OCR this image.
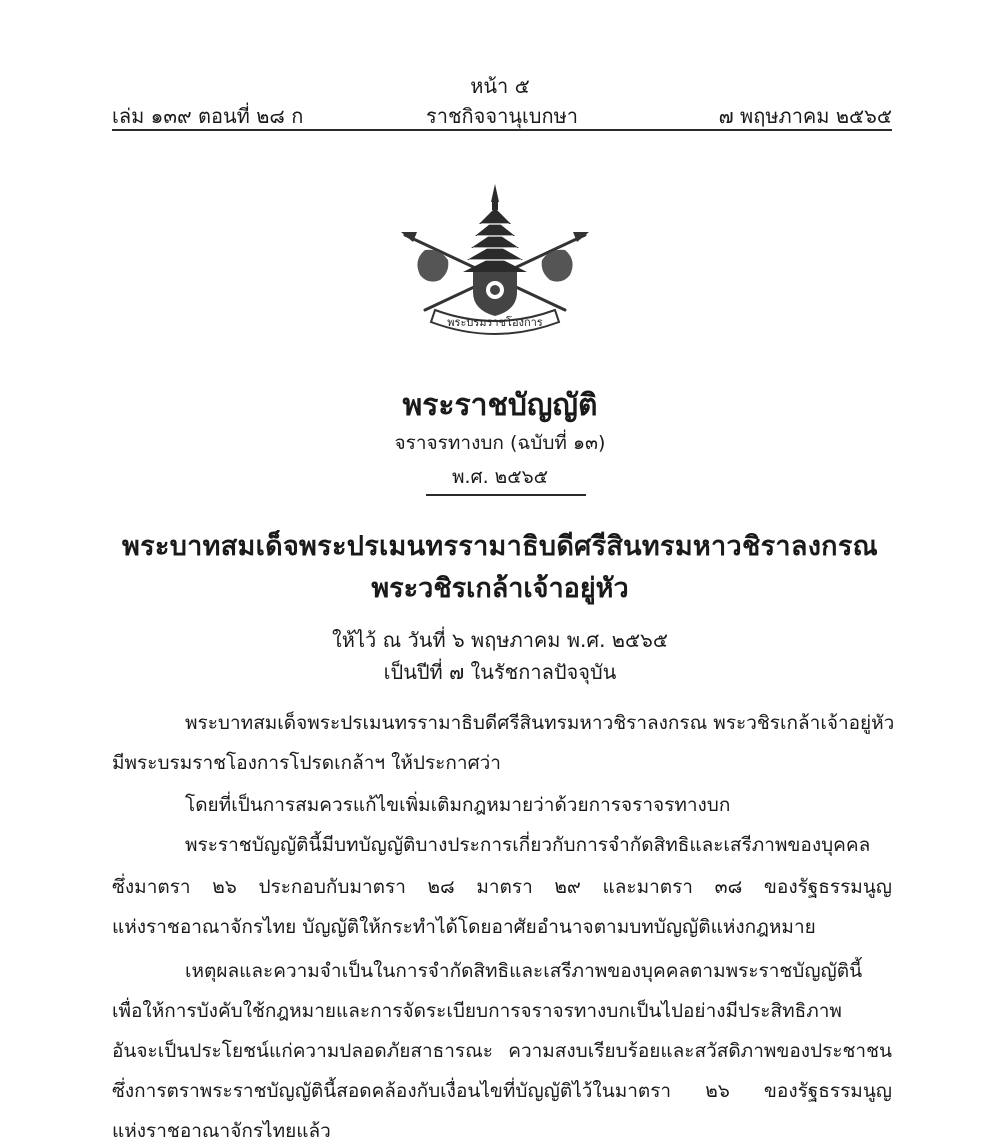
หน้า ๕
เล่ม ๑๓๙ ตอนที่ ๒๘ ก	ราชกิจจานุเบกษา	๗ พฤษภาคม ๒๕๖๕
พระบรมราชโองการ
พระราชบัญญัติ
จราจรทางบก (ฉบับที่ ๑๓)
พ.ศ. ๒๕๖๕
พระบาทสมเด็จพระปรเมนทรรามาธิบดีศรีสินทรมหาวชิราลงกรณ
พระวชิรเกล้าเจ้าอยู่หัว
ให้ไว้ ณ วันที่ ๖ พฤษภาคม พ.ศ. ๒๕๖๕
เป็นปีที่ ๗ ในรัชกาลปัจจุบัน
พระบาทสมเด็จพระปรเมนทรรามาธิบดีศรีสินทรมหาวชิราลงกรณ พระวชิรเกล้าเจ้าอยู่หัว
มีพระบรมราชโองการโปรดเกล้าฯ ให้ประกาศว่า
โดยที่เป็นการสมควรแก้ไขเพิ่มเติมกฎหมายว่าด้วยการจราจรทางบก
พระราชบัญญัตินี้มีบทบัญญัติบางประการเกี่ยวกับการจำกัดสิทธิและเสรีภาพของบุคคล
ซึ่งมาตรา ๒๖ ประกอบกับมาตรา ๒๘ มาตรา ๒๙ และมาตรา ๓๘ ของรัฐธรรมนูญ
แห่งราชอาณาจักรไทย บัญญัติให้กระทำได้โดยอาศัยอำนาจตามบทบัญญัติแห่งกฎหมาย
เหตุผลและความจำเป็นในการจำกัดสิทธิและเสรีภาพของบุคคลตามพระราชบัญญัตินี้
เพื่อให้การบังคับใช้กฎหมายและการจัดระเบียบการจราจรทางบกเป็นไปอย่างมีประสิทธิภาพ
อันจะเป็นประโยชน์แก่ความปลอดภัยสาธารณะ ความสงบเรียบร้อยและสวัสดิภาพของประชาชน
ซึ่งการตราพระราชบัญญัตินี้สอดคล้องกับเงื่อนไขที่บัญญัติไว้ในมาตรา ๒๖ ของรัฐธรรมนูญ
แห่งราชอาณาจักรไทยแล้ว
